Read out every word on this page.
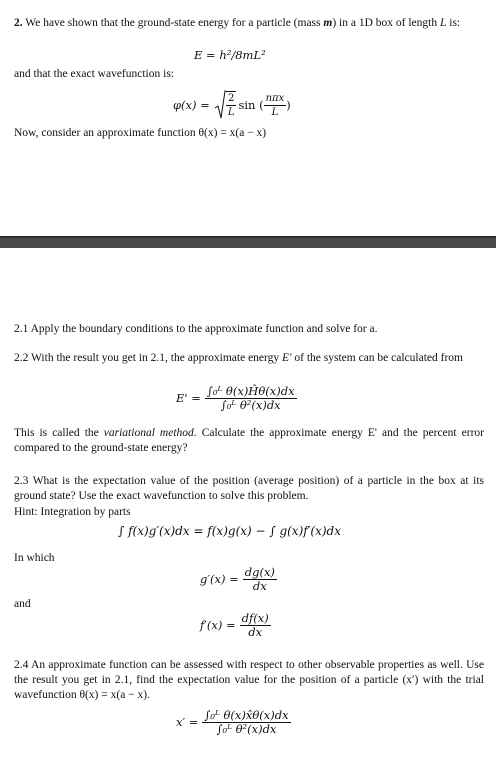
2. We have shown that the ground-state energy for a particle (mass m) in a 1D box of length L is:
E = h²/8mL²
and that the exact wavefunction is:
$\varphi(x) = \frac{2}{L}$ sin ( $\frac{\text{nπx}}{L}$ )
Now, consider an approximate function θ(x) = x(a − x)
2.1 Apply the boundary conditions to the approximate function and solve for a.
2.2 With the result you get in 2.1, the approximate energy E' of the system can be calculated from
$E' = \frac{\text{∫₀ᴸ θ(x)Ĥθ(x)dx}}{\text{∫₀ᴸ θ²(x)dx}}$
This is called the variational method. Calculate the approximate energy E' and the percent error compared to the ground-state energy?
2.3 What is the expectation value of the position (average position) of a particle in the box at its ground state? Use the exact wavefunction to solve this problem.
Hint: Integration by parts
∫ f(x)g′(x)dx = f(x)g(x) − ∫ g(x)f′(x)dx
In which
$g'(x) = \frac{dg(x)}{dx}$
and
$f'(x) = \frac{df(x)}{dx}$
2.4 An approximate function can be assessed with respect to other observable properties as well. Use the result you get in 2.1, find the expectation value for the position of a particle (x′) with the trial wavefunction θ(x) = x(a − x).
$x' = \frac{\text{∫₀ᴸ θ(x)x̂θ(x)dx}}{\text{∫₀ᴸ θ²(x)dx}}$
